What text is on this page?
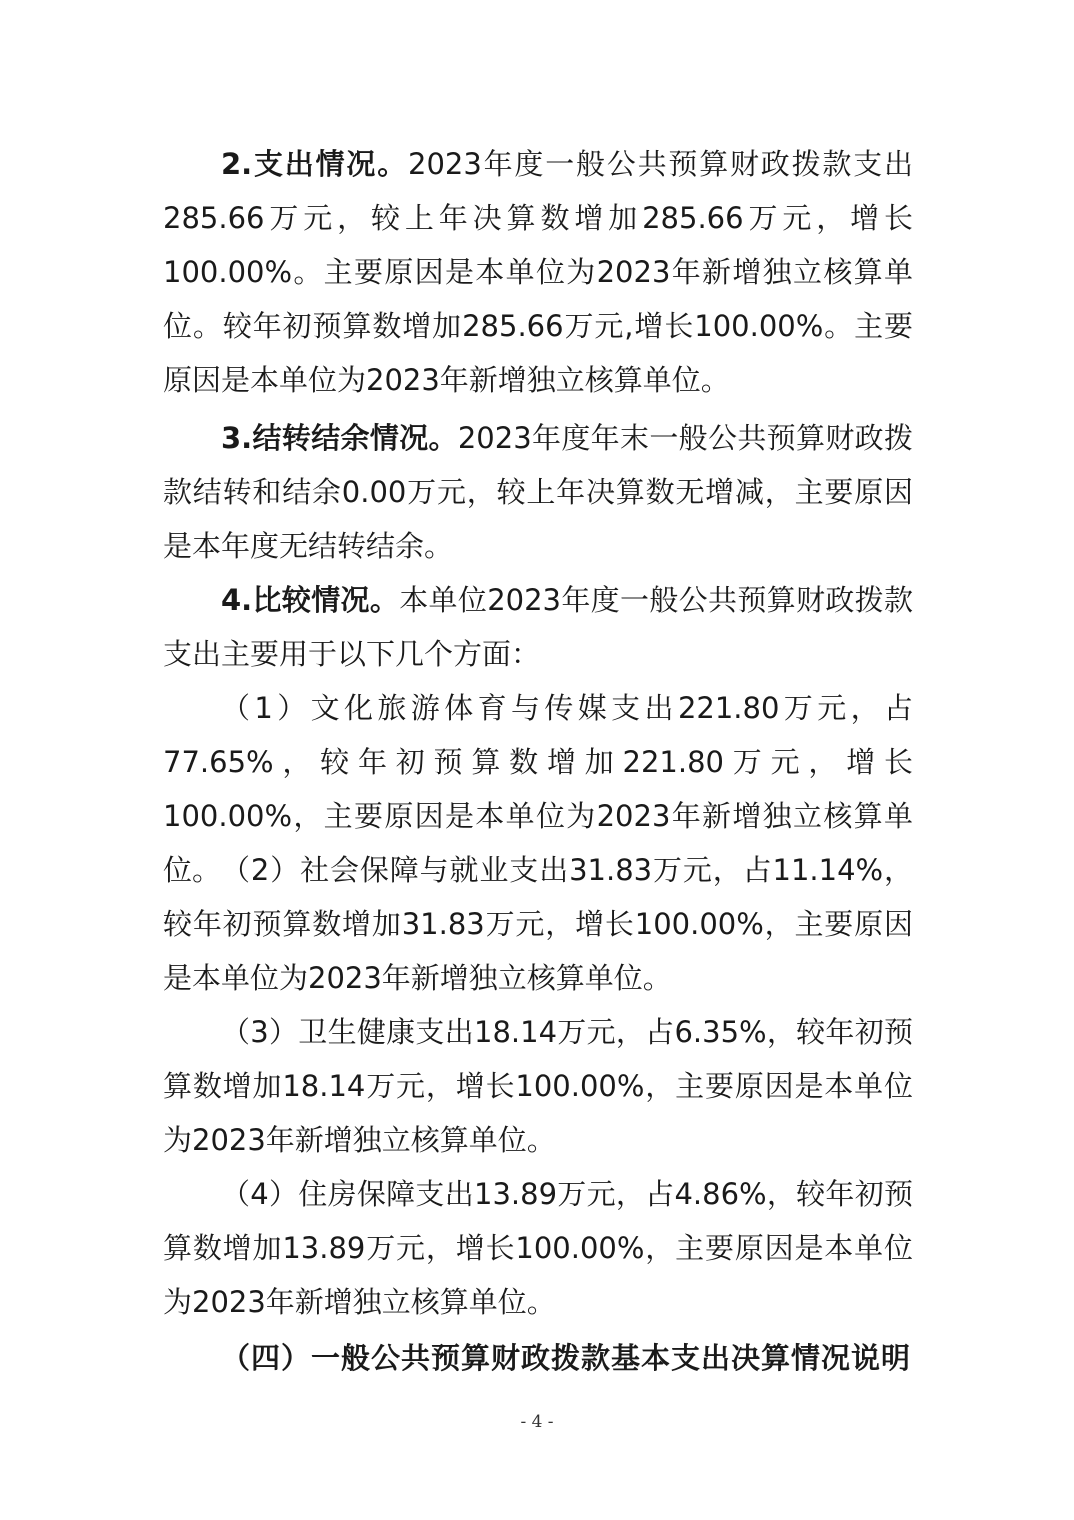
2.支出情况。2023年度一般公共预算财政拨款支出285.66万元，较上年决算数增加285.66万元，增长100.00%。主要原因是本单位为2023年新增独立核算单位。较年初预算数增加285.66万元,增长100.00%。主要原因是本单位为2023年新增独立核算单位。

3.结转结余情况。2023年度年末一般公共预算财政拨款结转和结余0.00万元，较上年决算数无增减，主要原因是本年度无结转结余。

4.比较情况。本单位2023年度一般公共预算财政拨款支出主要用于以下几个方面：

（1）文化旅游体育与传媒支出221.80万元，占77.65%，较年初预算数增加221.80万元，增长100.00%，主要原因是本单位为2023年新增独立核算单位。 （2）社会保障与就业支出31.83万元，占11.14%，较年初预算数增加31.83万元，增长100.00%，主要原因是本单位为2023年新增独立核算单位。

（3）卫生健康支出18.14万元，占6.35%，较年初预算数增加18.14万元，增长100.00%，主要原因是本单位为2023年新增独立核算单位。

（4）住房保障支出13.89万元，占4.86%，较年初预算数增加13.89万元，增长100.00%，主要原因是本单位为2023年新增独立核算单位。

（四）一般公共预算财政拨款基本支出决算情况说明

- 4 -
